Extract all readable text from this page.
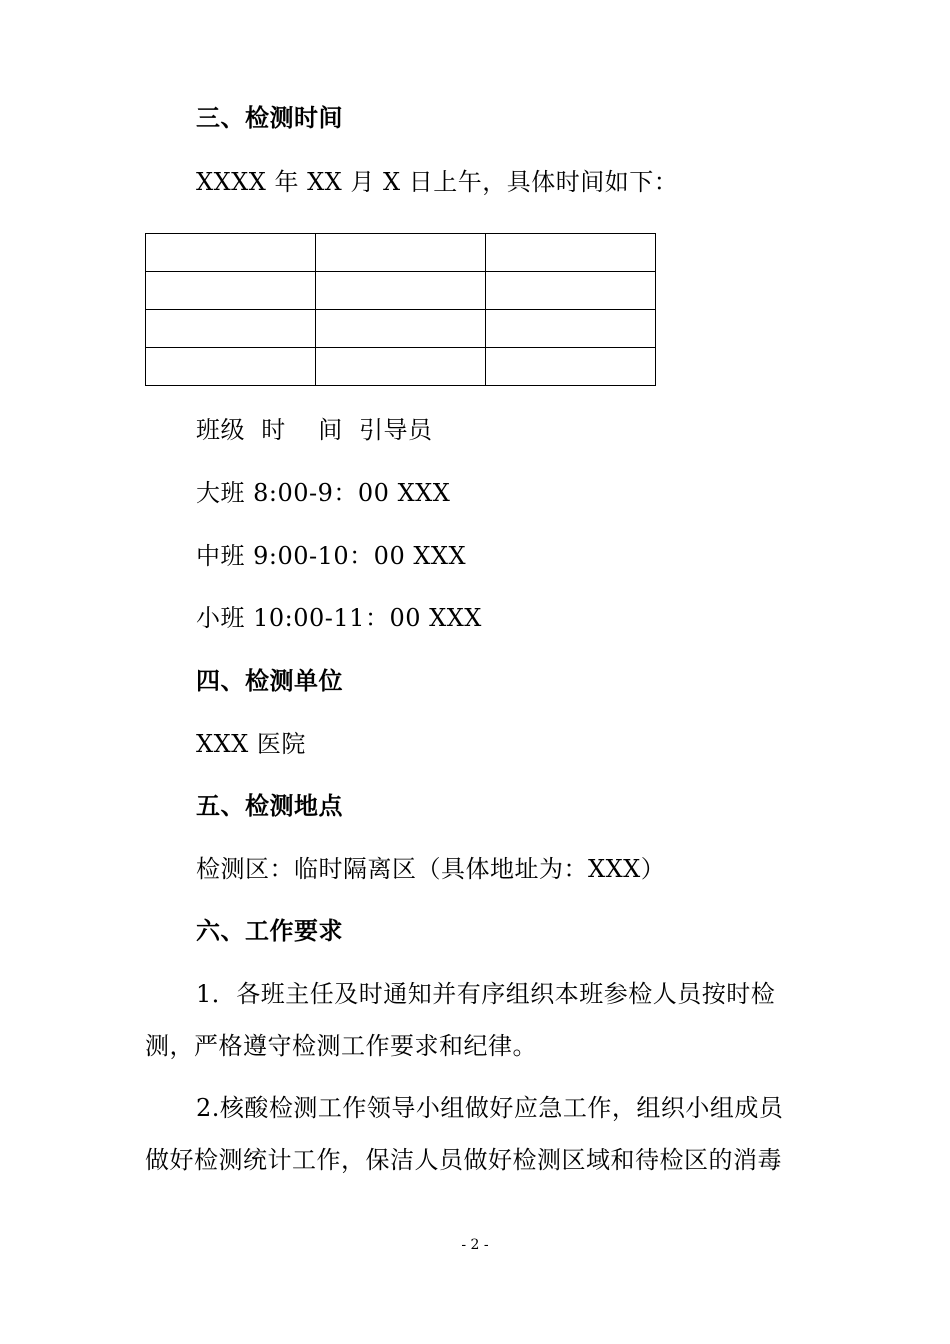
三、检测时间
XXXX 年 XX 月 X 日上午，具体时间如下：

班级  时    间  引导员
大班 8:00-9：00 XXX
中班 9:00-10：00 XXX
小班 10:00-11：00 XXX
四、检测单位
XXX 医院
五、检测地点
检测区：临时隔离区（具体地址为：XXX）
六、工作要求
1．各班主任及时通知并有序组织本班参检人员按时检
测，严格遵守检测工作要求和纪律。
2.核酸检测工作领导小组做好应急工作，组织小组成员
做好检测统计工作，保洁人员做好检测区域和待检区的消毒
- 2 -
